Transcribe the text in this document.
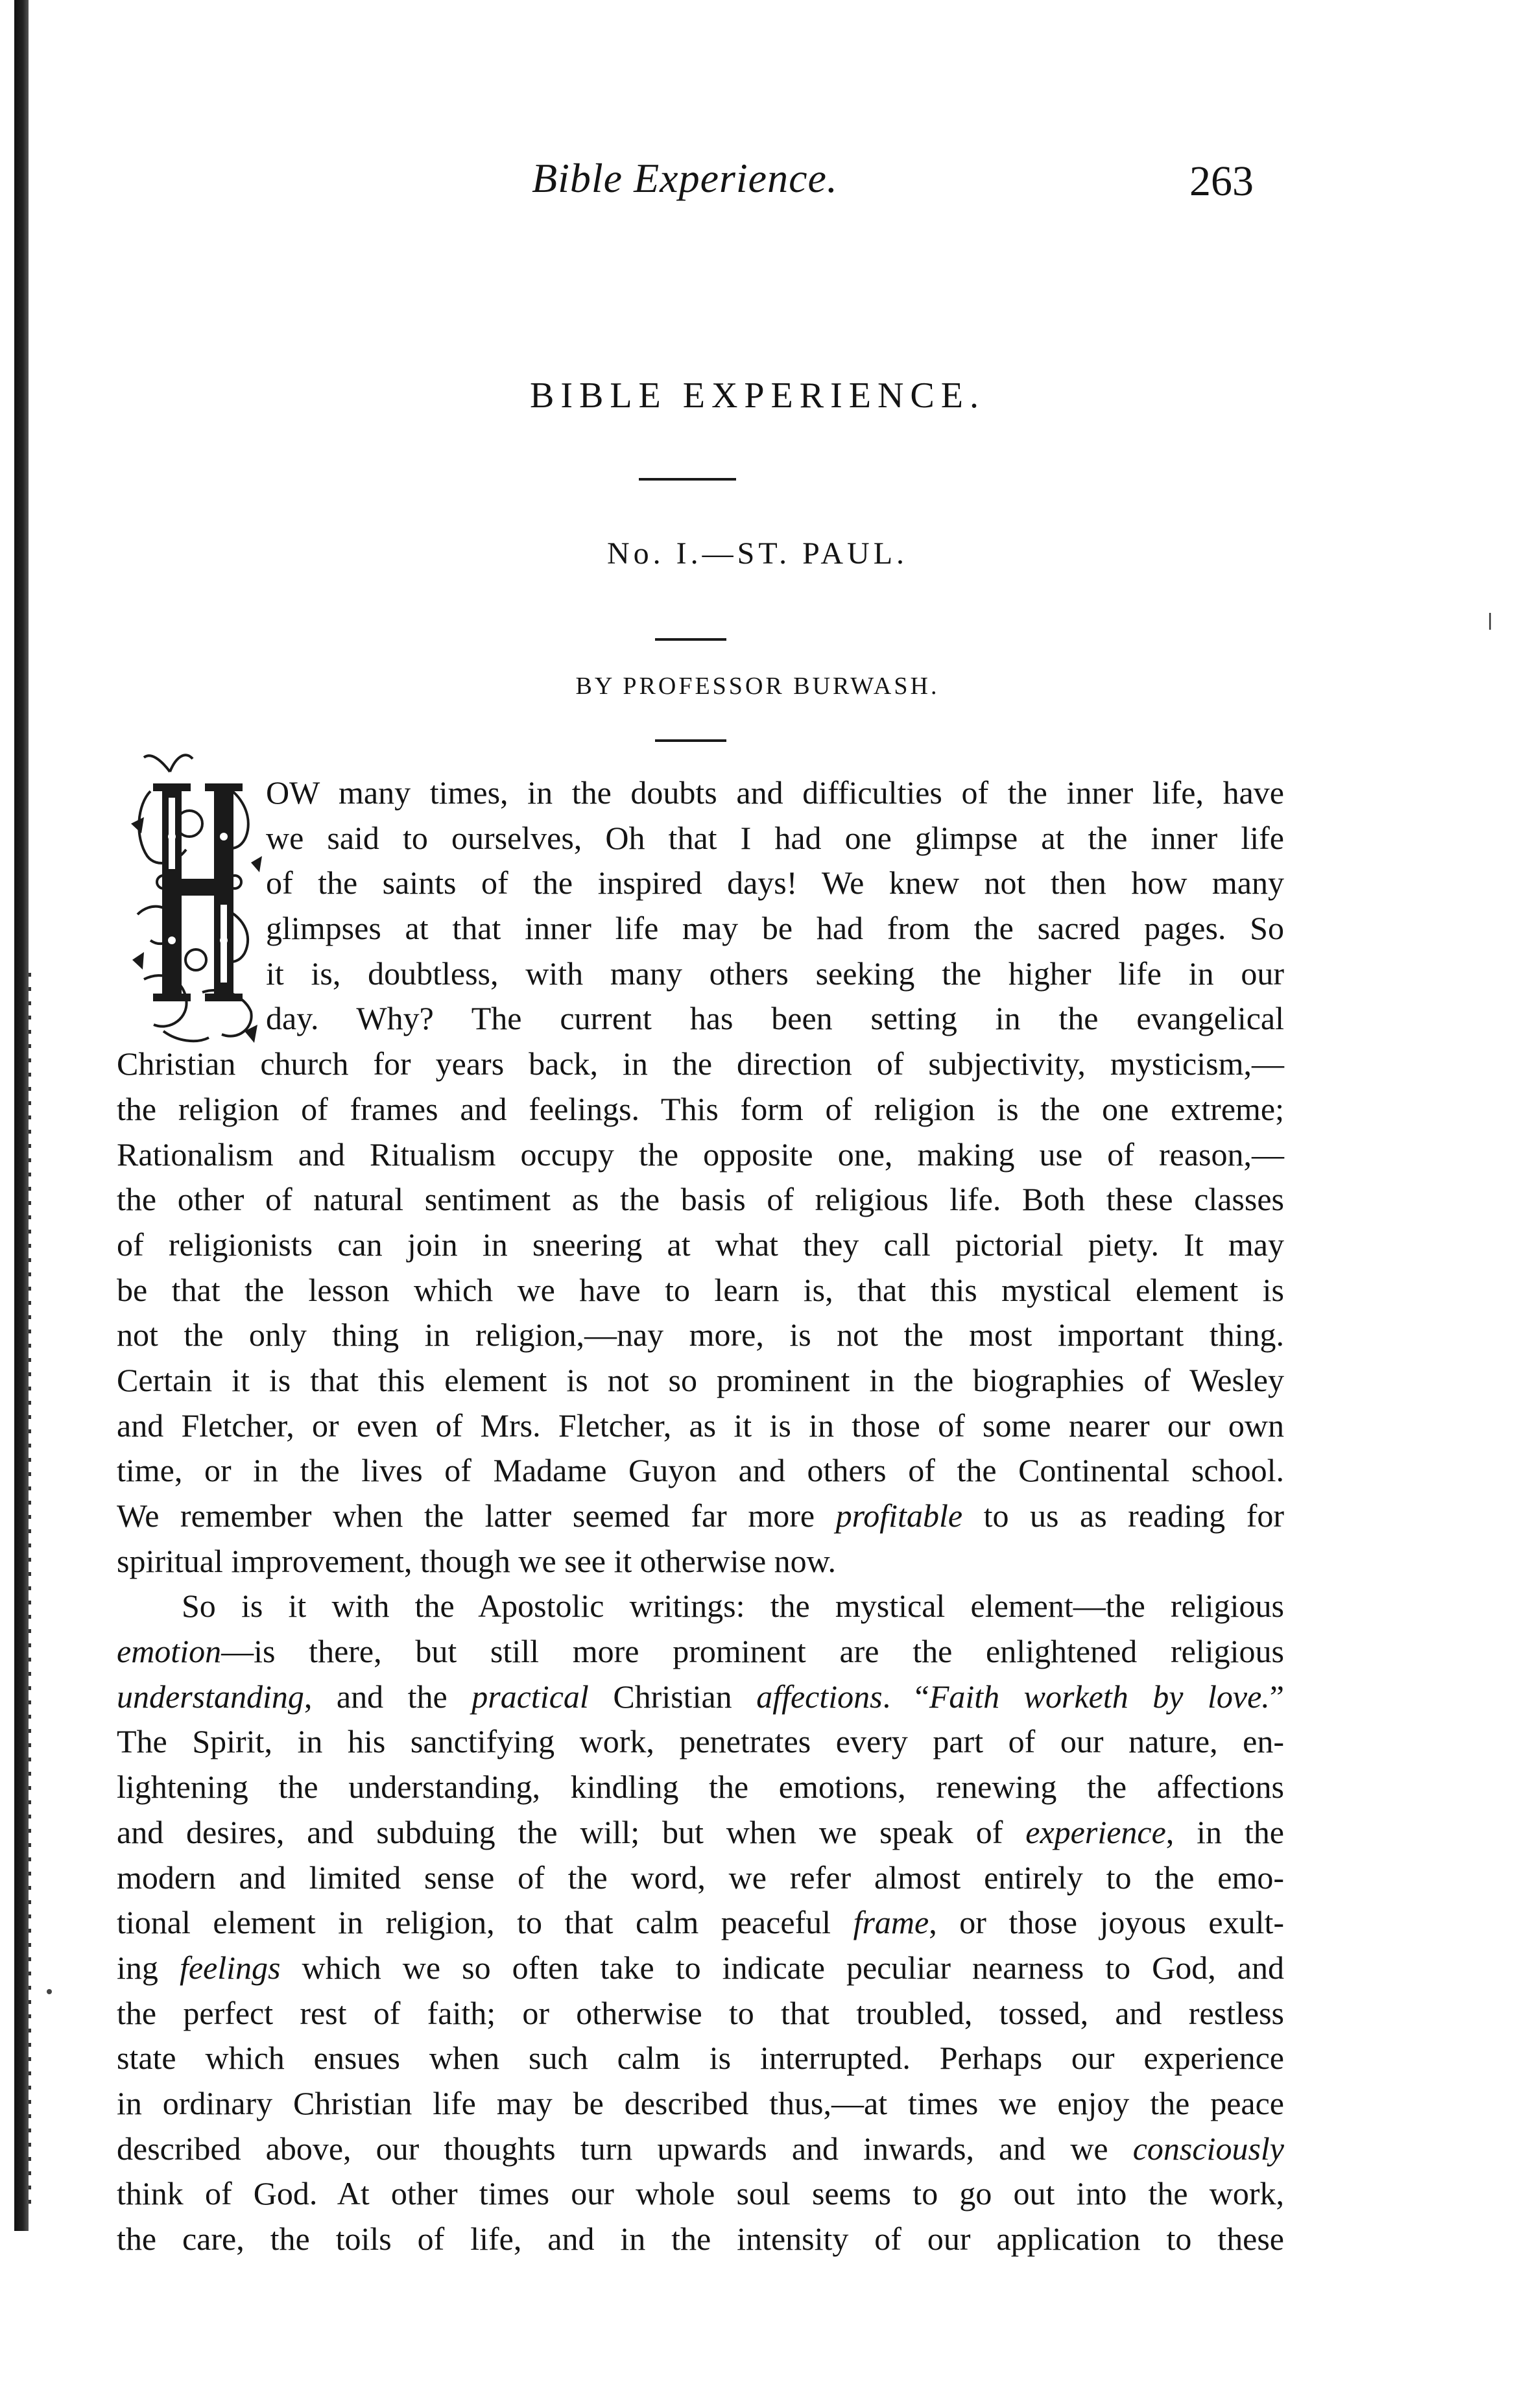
Bible Experience.	263
BIBLE EXPERIENCE.
No. I.—ST. PAUL.
BY PROFESSOR BURWASH.
OW many times, in the doubts and difficulties of the inner life, have
we said to ourselves, Oh that I had one glimpse at the inner life
of the saints of the inspired days! We knew not then how many
glimpses at that inner life may be had from the sacred pages. So
it is, doubtless, with many others seeking the higher life in our
day. Why? The current has been setting in the evangelical
Christian church for years back, in the direction of subjectivity, mysticism,—
the religion of frames and feelings. This form of religion is the one extreme;
Rationalism and Ritualism occupy the opposite one, making use of reason,—
the other of natural sentiment as the basis of religious life. Both these classes
of religionists can join in sneering at what they call pictorial piety. It may
be that the lesson which we have to learn is, that this mystical element is
not the only thing in religion,—nay more, is not the most important thing.
Certain it is that this element is not so prominent in the biographies of Wesley
and Fletcher, or even of Mrs. Fletcher, as it is in those of some nearer our own
time, or in the lives of Madame Guyon and others of the Continental school.
We remember when the latter seemed far more profitable to us as reading for
spiritual improvement, though we see it otherwise now.
So is it with the Apostolic writings: the mystical element—the religious
emotion—is there, but still more prominent are the enlightened religious
understanding, and the practical Christian affections. “Faith worketh by love.”
The Spirit, in his sanctifying work, penetrates every part of our nature, en-
lightening the understanding, kindling the emotions, renewing the affections
and desires, and subduing the will; but when we speak of experience, in the
modern and limited sense of the word, we refer almost entirely to the emo-
tional element in religion, to that calm peaceful frame, or those joyous exult-
ing feelings which we so often take to indicate peculiar nearness to God, and
the perfect rest of faith; or otherwise to that troubled, tossed, and restless
state which ensues when such calm is interrupted. Perhaps our experience
in ordinary Christian life may be described thus,—at times we enjoy the peace
described above, our thoughts turn upwards and inwards, and we consciously
think of God. At other times our whole soul seems to go out into the work,
the care, the toils of life, and in the intensity of our application to these
